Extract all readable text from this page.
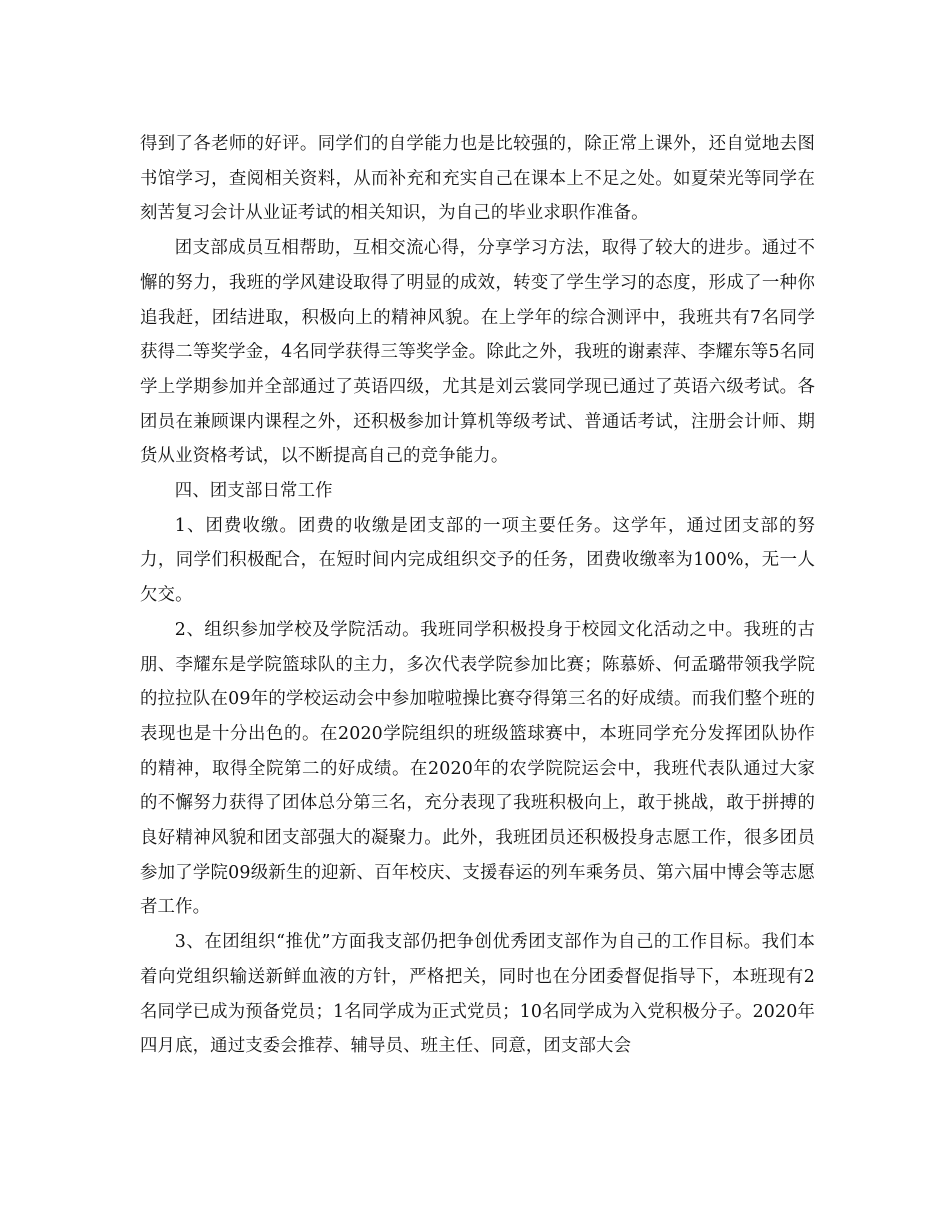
得到了各老师的好评。同学们的自学能力也是比较强的，除正常上课外，还自觉地去图书馆学习，查阅相关资料，从而补充和充实自己在课本上不足之处。如夏荣光等同学在刻苦复习会计从业证考试的相关知识，为自己的毕业求职作准备。

团支部成员互相帮助，互相交流心得，分享学习方法，取得了较大的进步。通过不懈的努力，我班的学风建设取得了明显的成效，转变了学生学习的态度，形成了一种你追我赶，团结进取，积极向上的精神风貌。在上学年的综合测评中，我班共有7名同学获得二等奖学金，4名同学获得三等奖学金。除此之外，我班的谢素萍、李耀东等5名同学上学期参加并全部通过了英语四级，尤其是刘云裳同学现已通过了英语六级考试。各团员在兼顾课内课程之外，还积极参加计算机等级考试、普通话考试，注册会计师、期货从业资格考试，以不断提高自己的竞争能力。

四、团支部日常工作

1、团费收缴。团费的收缴是团支部的一项主要任务。这学年，通过团支部的努力，同学们积极配合，在短时间内完成组织交予的任务，团费收缴率为100%，无一人欠交。

2、组织参加学校及学院活动。我班同学积极投身于校园文化活动之中。我班的古朋、李耀东是学院篮球队的主力，多次代表学院参加比赛；陈慕娇、何孟璐带领我学院的拉拉队在09年的学校运动会中参加啦啦操比赛夺得第三名的好成绩。而我们整个班的表现也是十分出色的。在2020学院组织的班级篮球赛中，本班同学充分发挥团队协作的精神，取得全院第二的好成绩。在2020年的农学院院运会中，我班代表队通过大家的不懈努力获得了团体总分第三名，充分表现了我班积极向上，敢于挑战，敢于拼搏的良好精神风貌和团支部强大的凝聚力。此外，我班团员还积极投身志愿工作，很多团员参加了学院09级新生的迎新、百年校庆、支援春运的列车乘务员、第六届中博会等志愿者工作。

3、在团组织“推优”方面我支部仍把争创优秀团支部作为自己的工作目标。我们本着向党组织输送新鲜血液的方针，严格把关，同时也在分团委督促指导下，本班现有2名同学已成为预备党员；1名同学成为正式党员；10名同学成为入党积极分子。2020年四月底，通过支委会推荐、辅导员、班主任、同意，团支部大会
